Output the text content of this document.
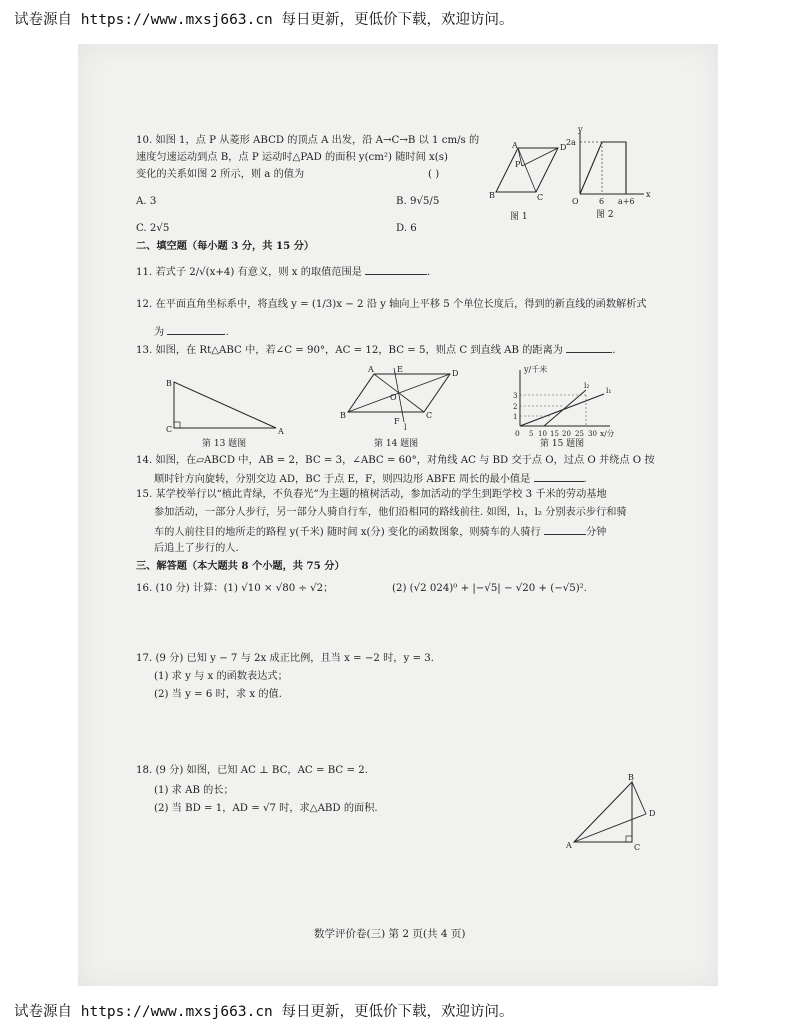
试卷源自 https://www.mxsj663.cn 每日更新，更低价下载，欢迎访问。
10. 如图 1，点 P 从菱形 ABCD 的顶点 A 出发，沿 A→C→B 以 1 cm/s 的
速度匀速运动到点 B，点 P 运动时△PAD 的面积 y(cm²) 随时间 x(s)
变化的关系如图 2 所示，则 a 的值为	( )
A. 3	B. 9√5/5
C. 2√5	D. 6
A	D
B	C
P
图 1
y
x
O	6 a+6
2a
图 2
二、填空题（每小题 3 分，共 15 分）
11. 若式子 2/√(x+4) 有意义，则 x 的取值范围是	.
12. 在平面直角坐标系中，将直线 y = (1/3)x − 2 沿 y 轴向上平移 5 个单位长度后，得到的新直线的函数解析式
为	.
13. 如图，在 Rt△ABC 中，若∠C = 90°，AC = 12，BC = 5，则点 C 到直线 AB 的距离为	.
B
C	A
第 13 题图
A	D
B	C
E
F
O
l
第 14 题图
y/千米
x/分
0 5 10 15 20 25 30
1
2
3
l₁
l₂
第 15 题图
14. 如图，在▱ABCD 中，AB = 2，BC = 3，∠ABC = 60°，对角线 AC 与 BD 交于点 O，过点 O 并绕点 O 按
顺时针方向旋转，分别交边 AD，BC 于点 E，F，则四边形 ABFE 周长的最小值是	.
15. 某学校举行以“植此青绿，不负春光”为主题的植树活动，参加活动的学生到距学校 3 千米的劳动基地
参加活动，一部分人步行，另一部分人骑自行车，他们沿相同的路线前往. 如图，l₁，l₂ 分别表示步行和骑
车的人前往目的地所走的路程 y(千米) 随时间 x(分) 变化的函数图象，则骑车的人骑行	分钟
后追上了步行的人.
三、解答题（本大题共 8 个小题，共 75 分）
16. (10 分) 计算：(1) √10 × √80 ÷ √2；	(2) (√2 024)⁰ + |−√5| − √20 + (−√5)².
17. (9 分) 已知 y − 7 与 2x 成正比例，且当 x = −2 时，y = 3.
(1) 求 y 与 x 的函数表达式；
(2) 当 y = 6 时，求 x 的值.
18. (9 分) 如图，已知 AC ⊥ BC，AC = BC = 2.
(1) 求 AB 的长；
(2) 当 BD = 1，AD = √7 时，求△ABD 的面积.
A
B
C
D
数学评价卷(三) 第 2 页(共 4 页)
试卷源自 https://www.mxsj663.cn 每日更新，更低价下载，欢迎访问。
